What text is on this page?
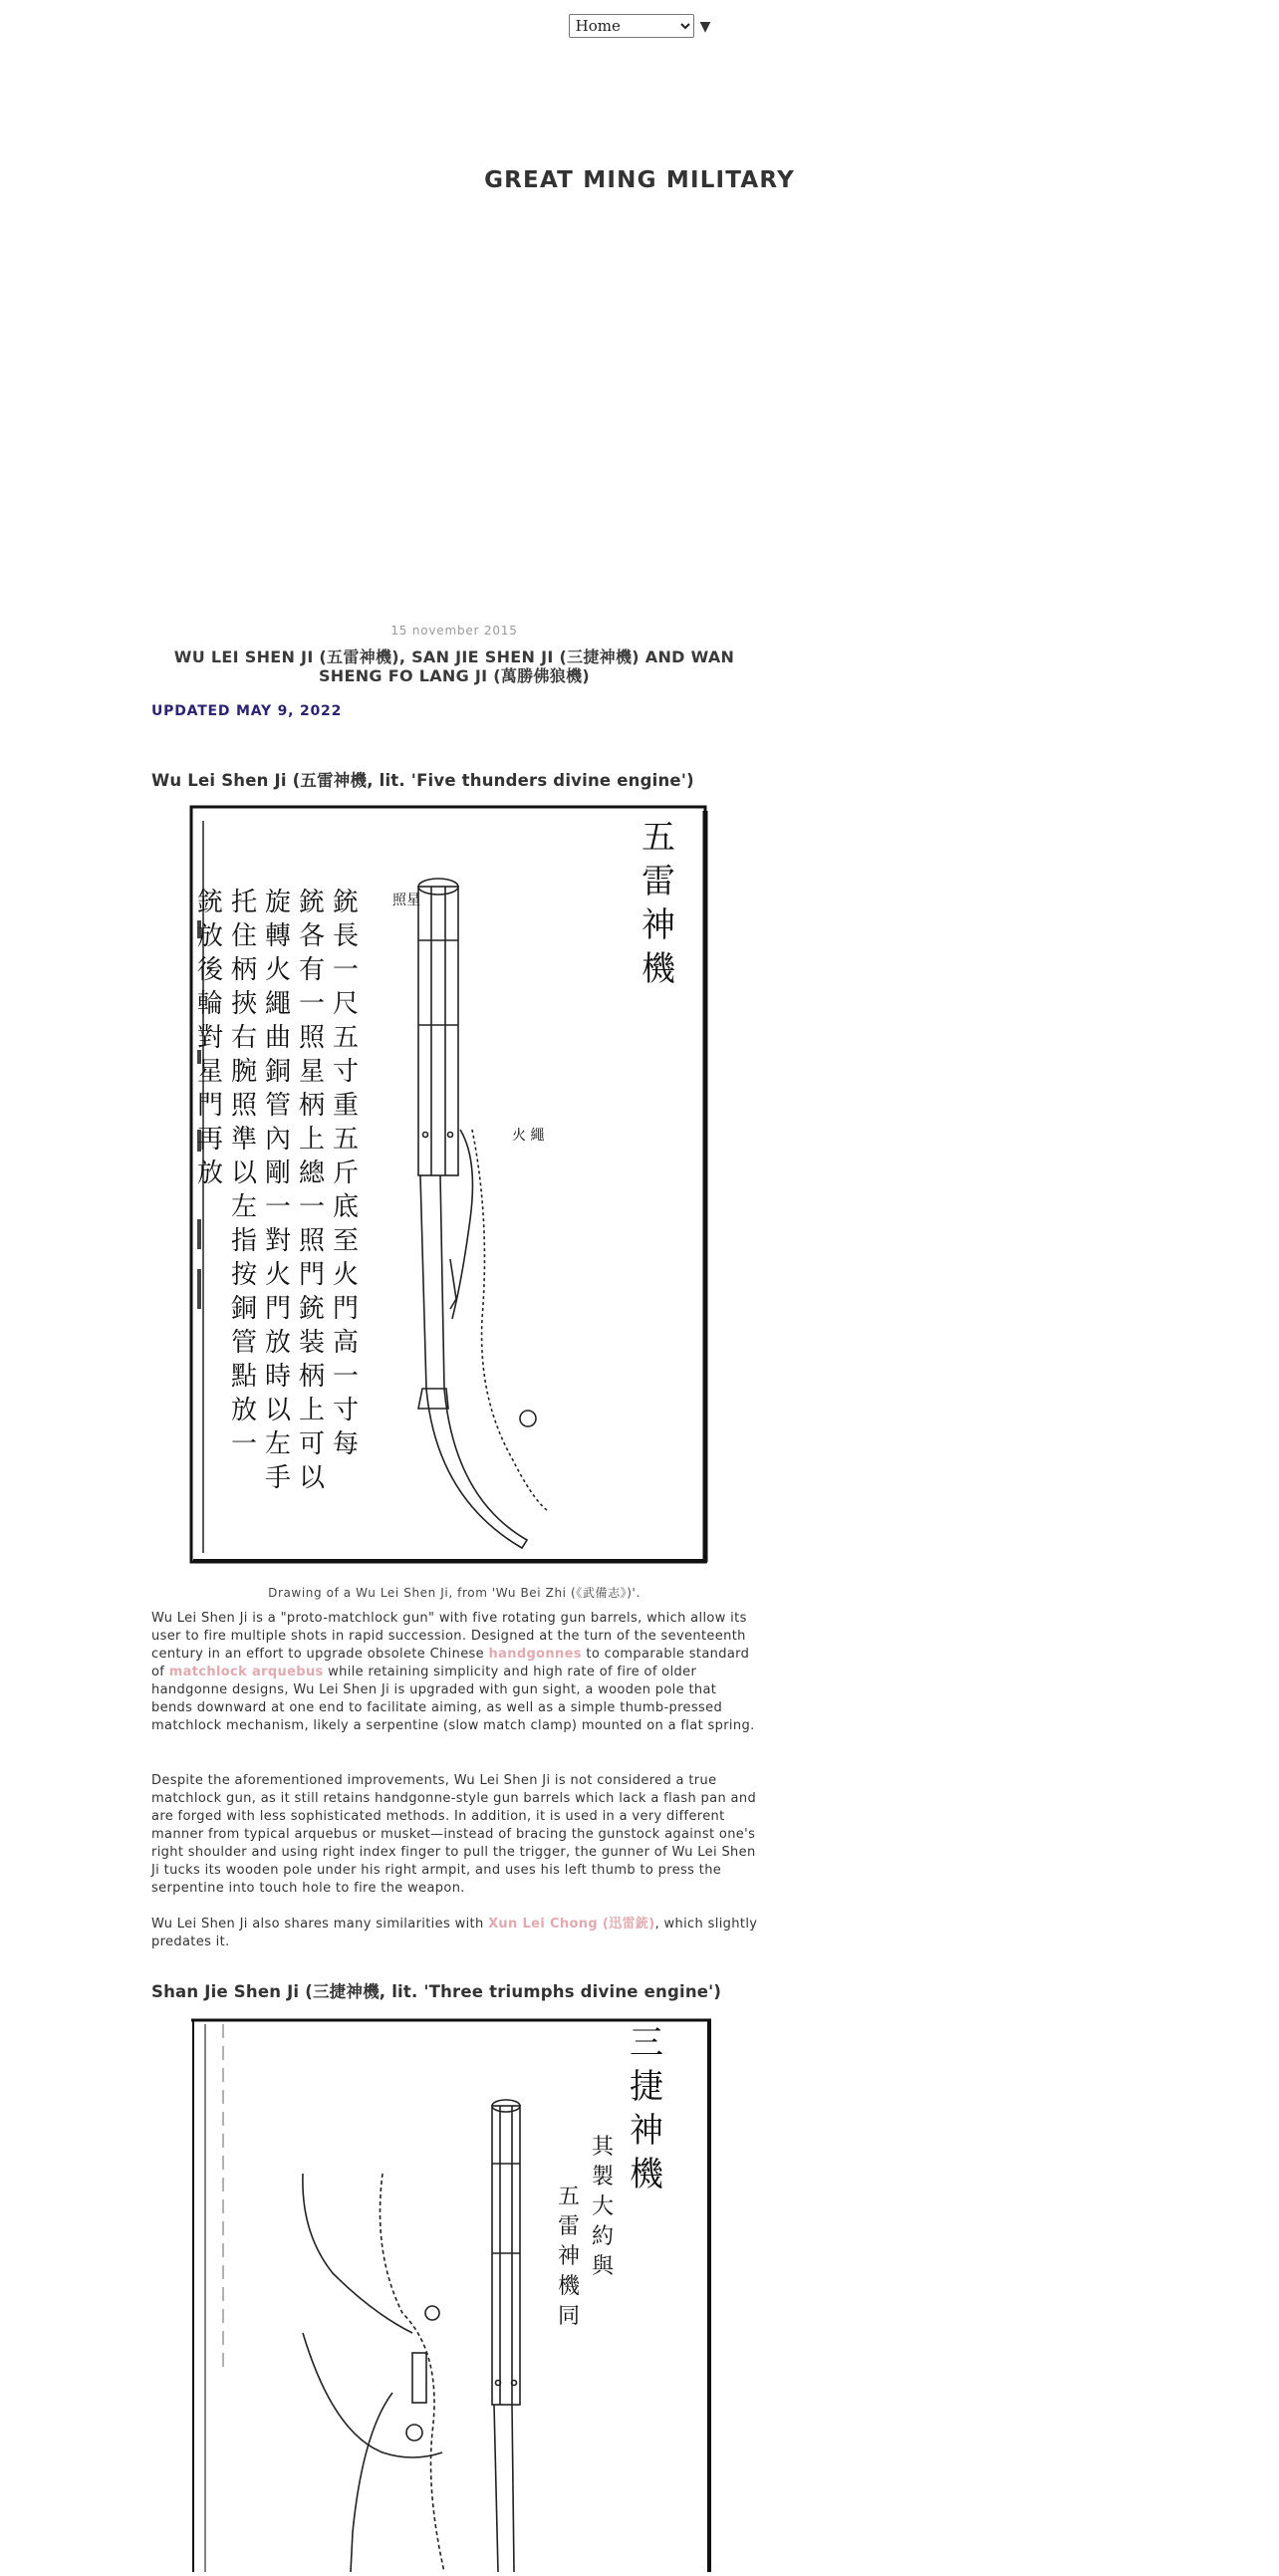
Home▼
GREAT MING MILITARY
15 november 2015
WU LEI SHEN JI (五雷神機), SAN JIE SHEN JI (三捷神機) AND WAN SHENG FO LANG JI (萬勝佛狼機)
UPDATED MAY 9, 2022
Wu Lei Shen Ji (五雷神機, lit. 'Five thunders divine engine')
五
雷
神
機
照星
火 繩
銃
長
一
尺
五
寸
重
五
斤
底
至
火
門
高
一
寸
每
銃
各
有
一
照
星
柄
上
總
一
照
門
銃
装
柄
上
可
以
旋
轉
火
繩
曲
銅
管
內
剛
一
對
火
門
放
時
以
左
手
托
住
柄
挾
右
腕
照
準
以
左
指
按
銅
管
點
放
一
銃
放
後
輪
對
星
門
再
放
Drawing of a Wu Lei Shen Ji, from 'Wu Bei Zhi (《武備志》)'.

Wu Lei Shen Ji is a "proto-matchlock gun" with five rotating gun barrels, which allow its user to fire multiple shots in rapid succession. Designed at the turn of the seventeenth century in an effort to upgrade obsolete Chinese handgonnes to comparable standard of matchlock arquebus while retaining simplicity and high rate of fire of older handgonne designs, Wu Lei Shen Ji is upgraded with gun sight, a wooden pole that bends downward at one end to facilitate aiming, as well as a simple thumb-pressed matchlock mechanism, likely a serpentine (slow match clamp) mounted on a flat spring.

Despite the aforementioned improvements, Wu Lei Shen Ji is not considered a true matchlock gun, as it still retains handgonne-style gun barrels which lack a flash pan and are forged with less sophisticated methods. In addition, it is used in a very different manner from typical arquebus or musket—instead of bracing the gunstock against one's right shoulder and using right index finger to pull the trigger, the gunner of Wu Lei Shen Ji tucks its wooden pole under his right armpit, and uses his left thumb to press the serpentine into touch hole to fire the weapon.

Wu Lei Shen Ji also shares many similarities with Xun Lei Chong (迅雷銃), which slightly predates it.

Shan Jie Shen Ji (三捷神機, lit. 'Three triumphs divine engine')
三
捷
神
機
其
製
大
約
與
五
雷
神
機
同
